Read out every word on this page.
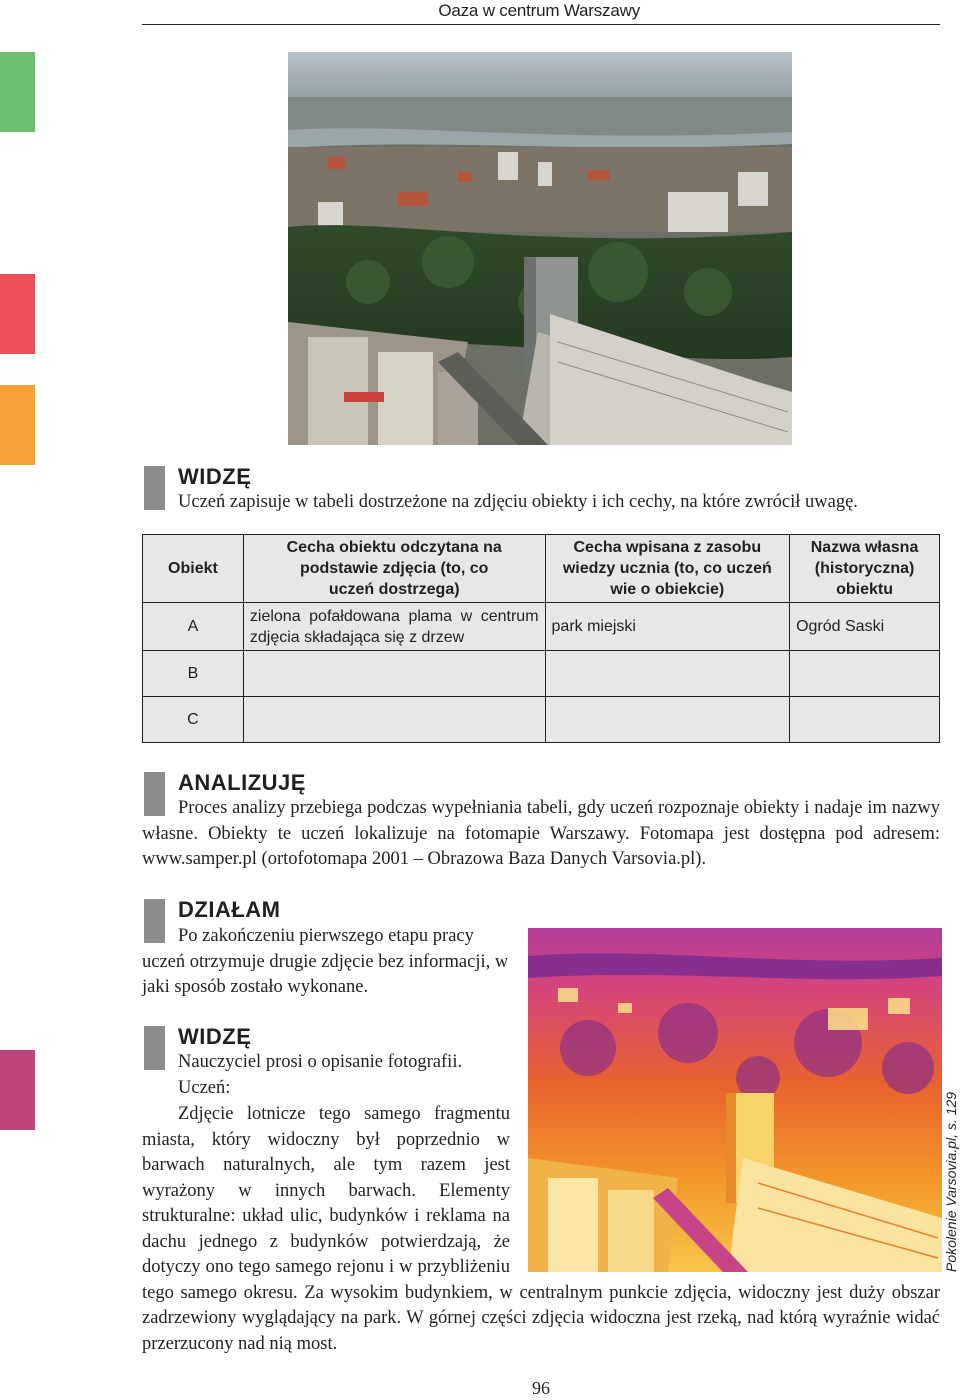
Oaza w centrum Warszawy
WIDZĘ

Uczeń zapisuje w tabeli dostrzeżone na zdjęciu obiekty i ich cechy, na które zwrócił uwagę.

Obiekt	Cecha obiektu odczytana na podstawie zdjęcia (to, co uczeń dostrzega)	Cecha wpisana z zasobu wiedzy ucznia (to, co uczeń wie o obiekcie)	Nazwa własna (historyczna) obiektu
A	zielona pofałdowana plama w centrum zdjęcia składająca się z drzew	park miejski	Ogród Saski
B			
C			
ANALIZUJĘ

Proces analizy przebiega podczas wypełniania tabeli, gdy uczeń rozpoznaje obiekty i nadaje im nazwy własne. Obiekty te uczeń lokalizuje na fotomapie Warszawy. Fotomapa jest dostępna pod adresem: www.samper.pl (ortofotomapa 2001 – Obrazowa Baza Danych Varsovia.pl).

DZIAŁAM

Po zakończeniu pierwszego etapu pracy uczeń otrzymuje drugie zdjęcie bez informacji, w jaki sposób zostało wykonane.

WIDZĘ

Nauczyciel prosi o opisanie fotografii.

Uczeń:

Zdjęcie lotnicze tego samego fragmentu miasta, który widoczny był poprzednio w barwach naturalnych, ale tym razem jest wyrażony w innych barwach. Elementy strukturalne: układ ulic, budynków i reklama na dachu jednego z budynków potwierdzają, że dotyczy ono tego samego rejonu i w przybliżeniu tego samego okresu. Za wysokim budynkiem, w centralnym punkcie zdjęcia, widoczny jest duży obszar zadrzewiony wyglądający na park. W górnej części zdjęcia widoczna jest rzeką, nad którą wyraźnie widać przerzucony nad nią most.
Pokolenie Varsovia.pl, s. 129
96
